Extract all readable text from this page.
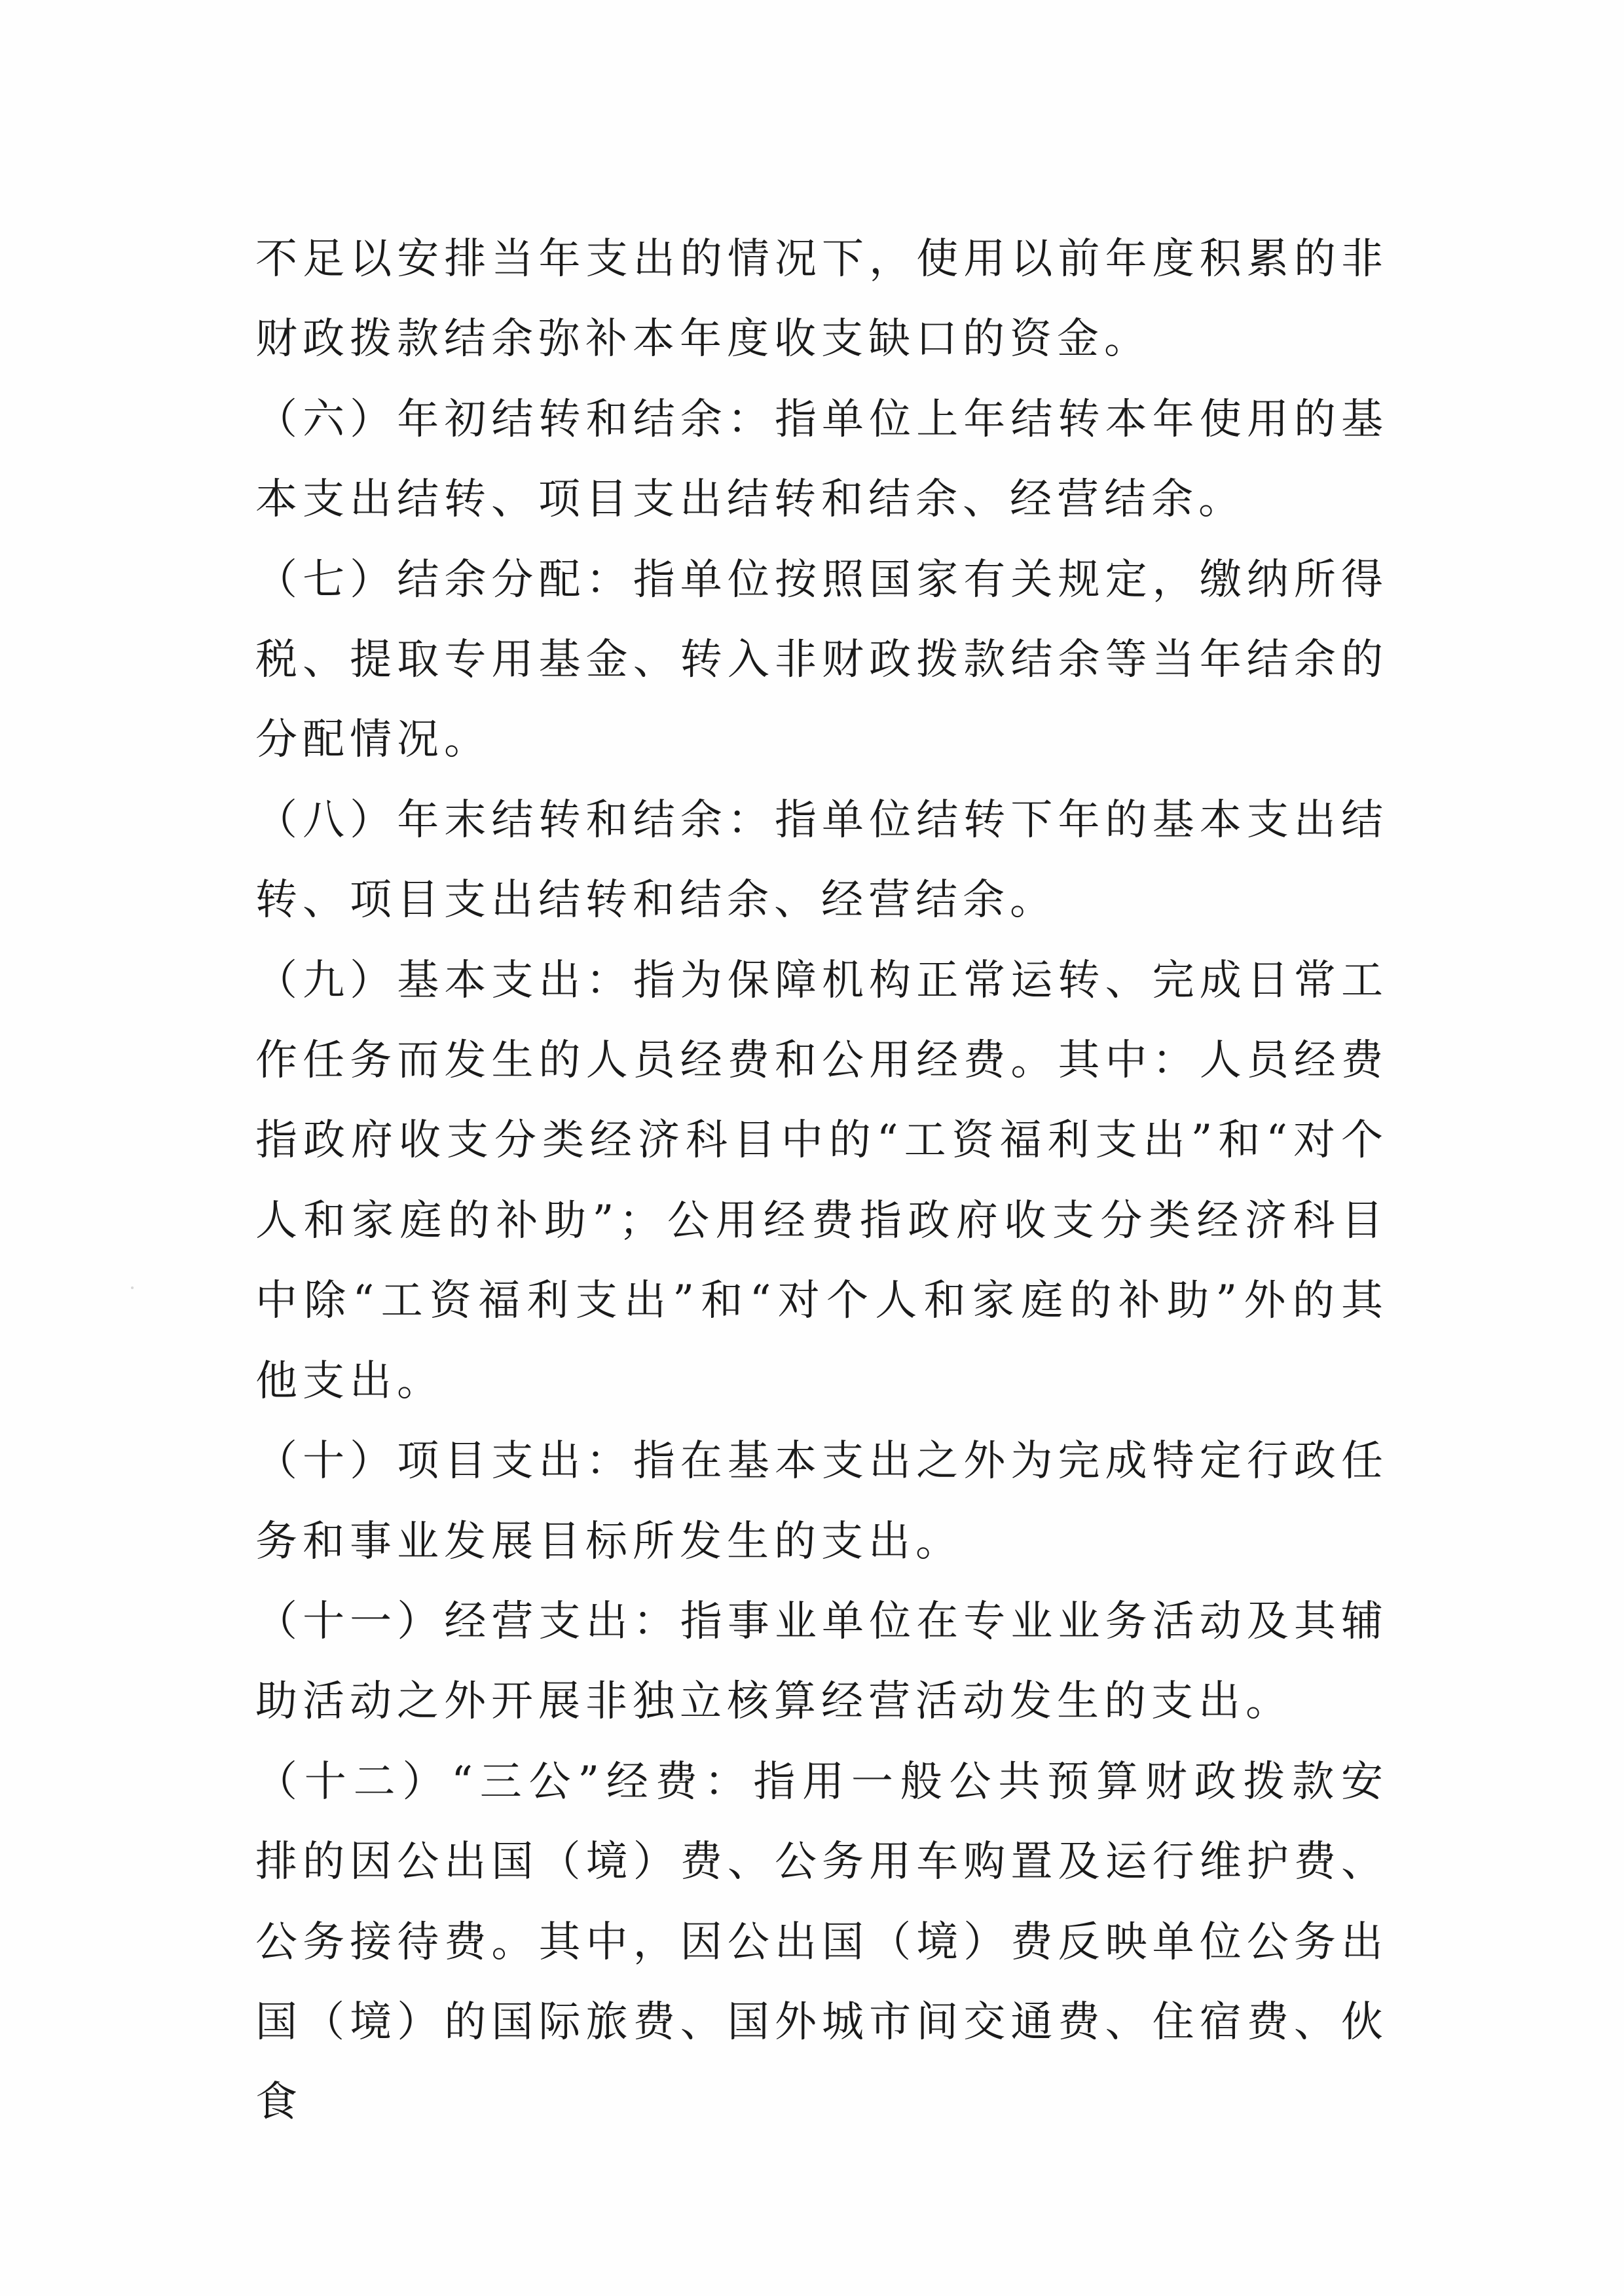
不足以安排当年支出的情况下，使用以前年度积累的非财政拨款结余弥补本年度收支缺口的资金。

（六）年初结转和结余：指单位上年结转本年使用的基本支出结转、项目支出结转和结余、经营结余。

（七）结余分配：指单位按照国家有关规定，缴纳所得税、提取专用基金、转入非财政拨款结余等当年结余的分配情况。

（八）年末结转和结余：指单位结转下年的基本支出结转、项目支出结转和结余、经营结余。

（九）基本支出：指为保障机构正常运转、完成日常工作任务而发生的人员经费和公用经费。其中：人员经费指政府收支分类经济科目中的“工资福利支出”和“对个人和家庭的补助”；公用经费指政府收支分类经济科目中除“工资福利支出”和“对个人和家庭的补助”外的其他支出。

（十）项目支出：指在基本支出之外为完成特定行政任务和事业发展目标所发生的支出。

（十一）经营支出：指事业单位在专业业务活动及其辅助活动之外开展非独立核算经营活动发生的支出。

（十二）“三公”经费：指用一般公共预算财政拨款安排的因公出国（境）费、公务用车购置及运行维护费、公务接待费。其中，因公出国（境）费反映单位公务出国（境）的国际旅费、国外城市间交通费、住宿费、伙食
